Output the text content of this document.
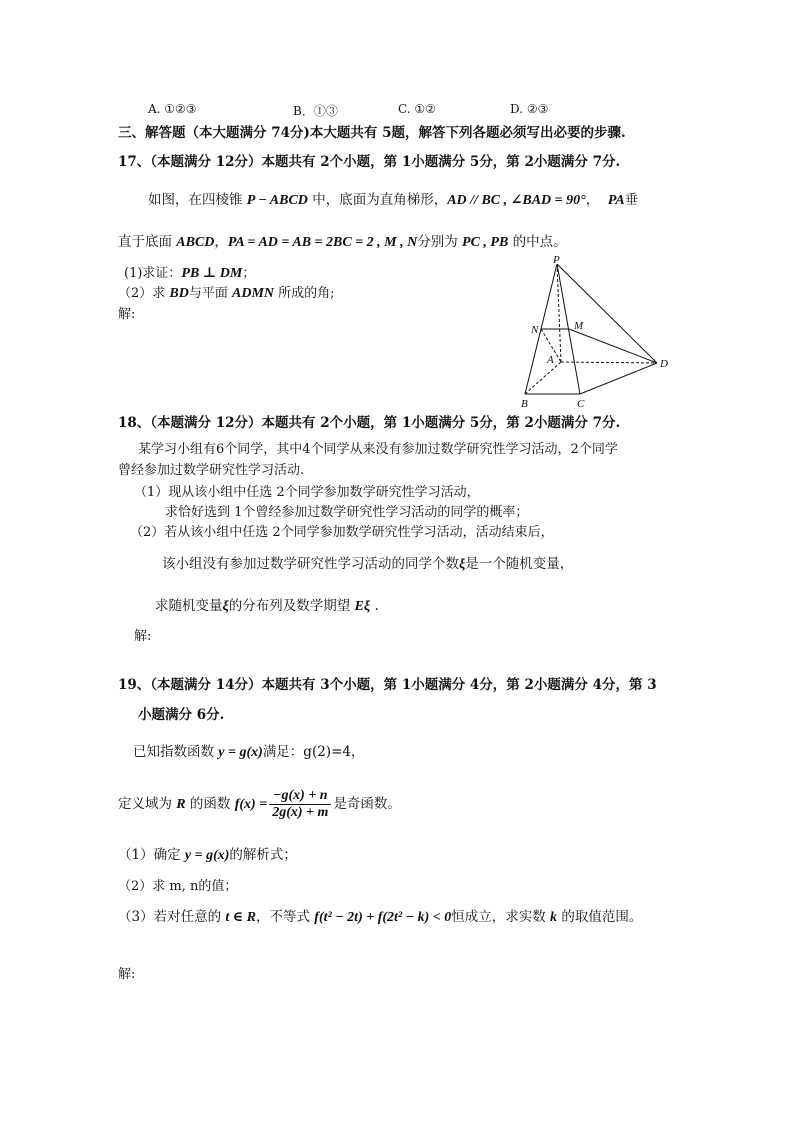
A. ①②③	B．①③	C. ①②	D. ②③
三、解答题（本大题满分 74分)本大题共有 5题，解答下列各题必须写出必要的步骤.
17、（本题满分 12分）本题共有 2个小题，第 1小题满分 5分，第 2小题满分 7分.
如图，在四棱锥 P − ABCD 中，底面为直角梯形，AD // BC , ∠BAD = 90°， PA垂
直于底面 ABCD，PA = AD = AB = 2BC = 2 , M , N分别为 PC , PB 的中点。
(1)求证：PB ⊥ DM；
（2）求 BD与平面 ADMN 所成的角;
解:
P
N	M
A	D
B	C
18、（本题满分 12分）本题共有 2个小题，第 1小题满分 5分，第 2小题满分 7分.
某学习小组有6个同学，其中4个同学从来没有参加过数学研究性学习活动，2个同学
曾经参加过数学研究性学习活动.
（1）现从该小组中任选 2个同学参加数学研究性学习活动，
求恰好选到 1个曾经参加过数学研究性学习活动的同学的概率；
（2）若从该小组中任选 2个同学参加数学研究性学习活动，活动结束后，
该小组没有参加过数学研究性学习活动的同学个数ξ是一个随机变量，
求随机变量ξ的分布列及数学期望 Eξ .
解:
19、（本题满分 14分）本题共有 3个小题，第 1小题满分 4分，第 2小题满分 4分，第 3
小题满分 6分.
已知指数函数 y = g(x)满足：g(2)=4，
定义域为 R 的函数 $f(x) = \frac{-g(x) + n}{2g(x) + m}$ 是奇函数。
（1）确定 y = g(x)的解析式；
（2）求 m, n的值；
（3）若对任意的 t ∈ R，不等式 f(t² − 2t) + f(2t² − k) < 0恒成立，求实数 k 的取值范围。
解:
